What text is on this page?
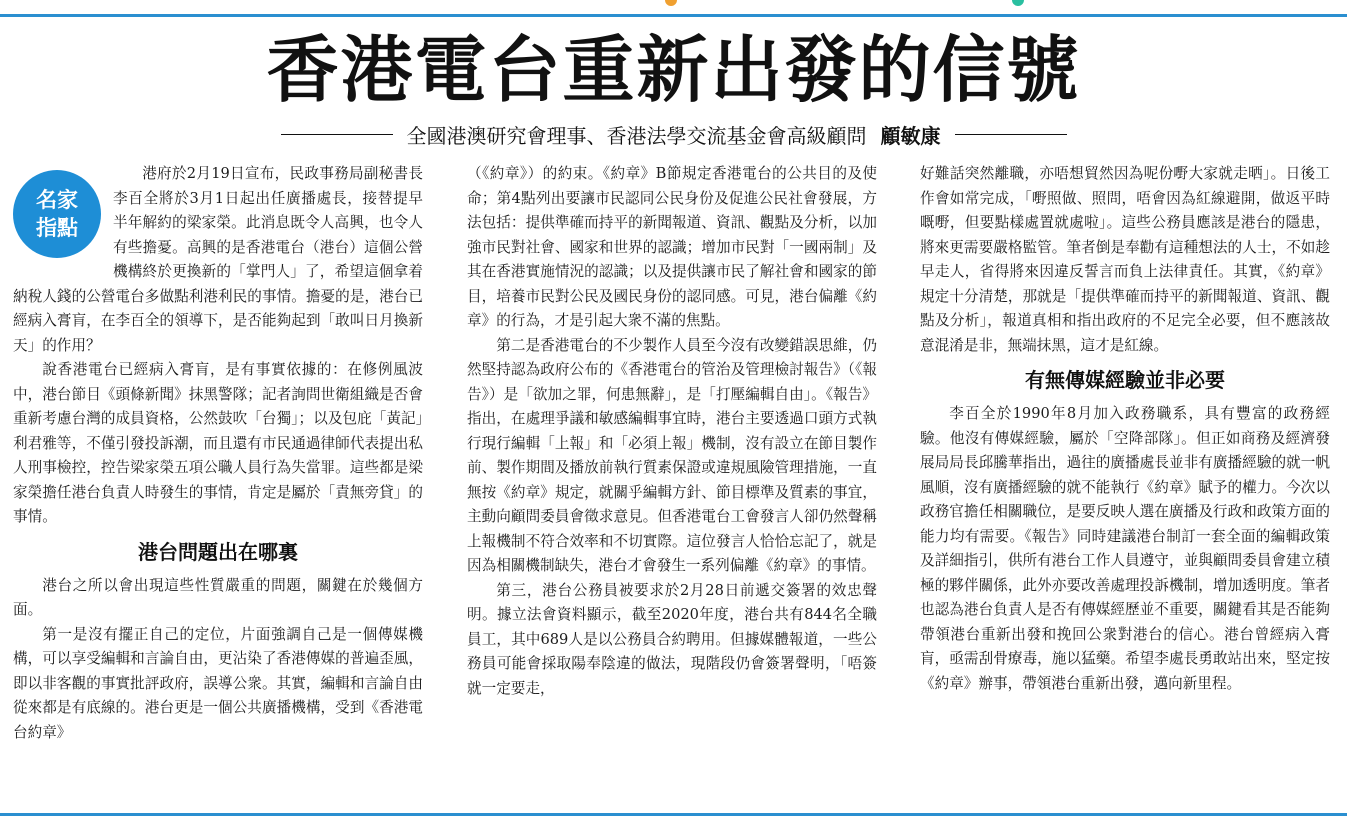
香港電台重新出發的信號
全國港澳研究會理事、香港法學交流基金會高級顧問 顧敏康
名家
指點

港府於2月19日宣布，民政事務局副秘書長李百全將於3月1日起出任廣播處長，接替提早半年解約的梁家榮。此消息既令人高興，也令人有些擔憂。高興的是香港電台（港台）這個公營機構終於更換新的「掌門人」了，希望這個拿着納稅人錢的公營電台多做點利港利民的事情。擔憂的是，港台已經病入膏肓，在李百全的領導下，是否能夠起到「敢叫日月換新天」的作用？

說香港電台已經病入膏肓，是有事實依據的：在修例風波中，港台節目《頭條新聞》抹黑警隊；記者詢問世衛組織是否會重新考慮台灣的成員資格，公然鼓吹「台獨」；以及包庇「黃記」利君雅等，不僅引發投訴潮，而且還有市民通過律師代表提出私人刑事檢控，控告梁家榮五項公職人員行為失當罪。這些都是梁家榮擔任港台負責人時發生的事情，肯定是屬於「責無旁貸」的事情。

港台問題出在哪裏

港台之所以會出現這些性質嚴重的問題，關鍵在於幾個方面。

第一是沒有擺正自己的定位，片面強調自己是一個傳媒機構，可以享受編輯和言論自由，更沾染了香港傳媒的普遍歪風，即以非客觀的事實批評政府，誤導公衆。其實，編輯和言論自由從來都是有底線的。港台更是一個公共廣播機構，受到《香港電台約章》

（《約章》）的約束。《約章》B節規定香港電台的公共目的及使命；第4點列出要讓市民認同公民身份及促進公民社會發展，方法包括：提供準確而持平的新聞報道、資訊、觀點及分析，以加強市民對社會、國家和世界的認識；增加市民對「一國兩制」及其在香港實施情況的認識；以及提供讓市民了解社會和國家的節目，培養市民對公民及國民身份的認同感。可見，港台偏離《約章》的行為，才是引起大衆不滿的焦點。

第二是香港電台的不少製作人員至今沒有改變錯誤思維，仍然堅持認為政府公布的《香港電台的管治及管理檢討報告》（《報告》）是「欲加之罪，何患無辭」，是「打壓編輯自由」。《報告》指出，在處理爭議和敏感編輯事宜時，港台主要透過口頭方式執行現行編輯「上報」和「必須上報」機制，沒有設立在節目製作前、製作期間及播放前執行質素保證或違規風險管理措施，一直無按《約章》規定，就關乎編輯方針、節目標準及質素的事宜，主動向顧問委員會徵求意見。但香港電台工會發言人卻仍然聲稱上報機制不符合效率和不切實際。這位發言人恰恰忘記了，就是因為相關機制缺失，港台才會發生一系列偏離《約章》的事情。

第三，港台公務員被要求於2月28日前遞交簽署的效忠聲明。據立法會資料顯示，截至2020年度，港台共有844名全職員工，其中689人是以公務員合約聘用。但據媒體報道，一些公務員可能會採取陽奉陰違的做法，現階段仍會簽署聲明，「唔簽就一定要走，

好難話突然離職，亦唔想貿然因為呢份嘢大家就走晒」。日後工作會如常完成，「嘢照做、照問，唔會因為紅線避開，做返平時嘅嘢，但要點樣處置就處啦」。這些公務員應該是港台的隱患，將來更需要嚴格監管。筆者倒是奉勸有這種想法的人士，不如趁早走人，省得將來因違反誓言而負上法律責任。其實，《約章》規定十分清楚，那就是「提供準確而持平的新聞報道、資訊、觀點及分析」，報道真相和指出政府的不足完全必要，但不應該故意混淆是非，無端抹黑，這才是紅線。

有無傳媒經驗並非必要

李百全於1990年8月加入政務職系，具有豐富的政務經驗。他沒有傳媒經驗，屬於「空降部隊」。但正如商務及經濟發展局局長邱騰華指出，過往的廣播處長並非有廣播經驗的就一帆風順，沒有廣播經驗的就不能執行《約章》賦予的權力。今次以政務官擔任相關職位，是要反映人選在廣播及行政和政策方面的能力均有需要。《報告》同時建議港台制訂一套全面的編輯政策及詳細指引，供所有港台工作人員遵守，並與顧問委員會建立積極的夥伴關係，此外亦要改善處理投訴機制，增加透明度。筆者也認為港台負責人是否有傳媒經歷並不重要，關鍵看其是否能夠帶領港台重新出發和挽回公衆對港台的信心。港台曾經病入膏肓，亟需刮骨療毒，施以猛藥。希望李處長勇敢站出來，堅定按《約章》辦事，帶領港台重新出發，邁向新里程。
